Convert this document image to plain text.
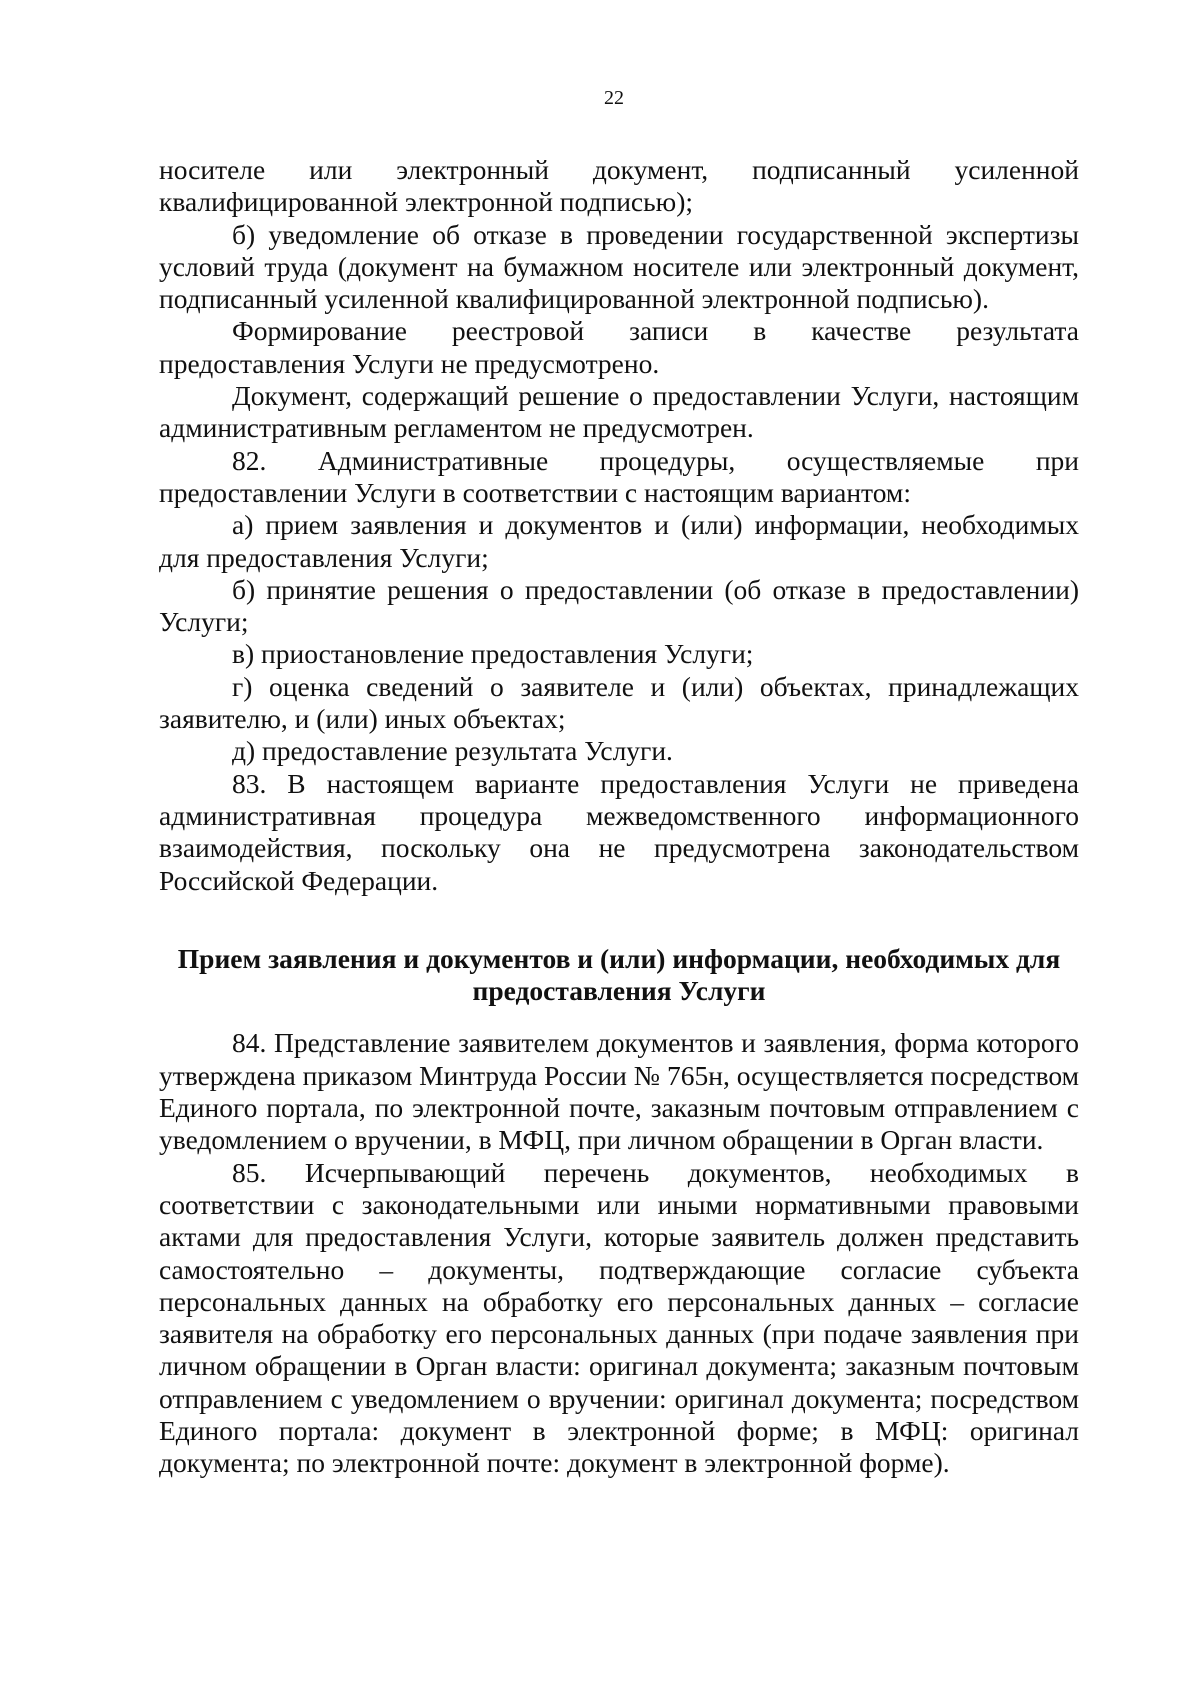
22

носителе или электронный документ, подписанный усиленной квалифицированной электронной подписью);

б) уведомление об отказе в проведении государственной экспертизы условий труда (документ на бумажном носителе или электронный документ, подписанный усиленной квалифицированной электронной подписью).

Формирование реестровой записи в качестве результата предоставления Услуги не предусмотрено.

Документ, содержащий решение о предоставлении Услуги, настоящим административным регламентом не предусмотрен.

82. Административные процедуры, осуществляемые при предоставлении Услуги в соответствии с настоящим вариантом:

а) прием заявления и документов и (или) информации, необходимых для предоставления Услуги;

б) принятие решения о предоставлении (об отказе в предоставлении) Услуги;

в) приостановление предоставления Услуги;

г) оценка сведений о заявителе и (или) объектах, принадлежащих заявителю, и (или) иных объектах;

д) предоставление результата Услуги.

83. В настоящем варианте предоставления Услуги не приведена административная процедура межведомственного информационного взаимодействия, поскольку она не предусмотрена законодательством Российской Федерации.

Прием заявления и документов и (или) информации, необходимых для предоставления Услуги

84. Представление заявителем документов и заявления, форма которого утверждена приказом Минтруда России № 765н, осуществляется посредством Единого портала, по электронной почте, заказным почтовым отправлением с уведомлением о вручении, в МФЦ, при личном обращении в Орган власти.

85. Исчерпывающий перечень документов, необходимых в соответствии с законодательными или иными нормативными правовыми актами для предоставления Услуги, которые заявитель должен представить самостоятельно – документы, подтверждающие согласие субъекта персональных данных на обработку его персональных данных – согласие заявителя на обработку его персональных данных (при подаче заявления при личном обращении в Орган власти: оригинал документа; заказным почтовым отправлением с уведомлением о вручении: оригинал документа; посредством Единого портала: документ в электронной форме; в МФЦ: оригинал документа; по электронной почте: документ в электронной форме).
